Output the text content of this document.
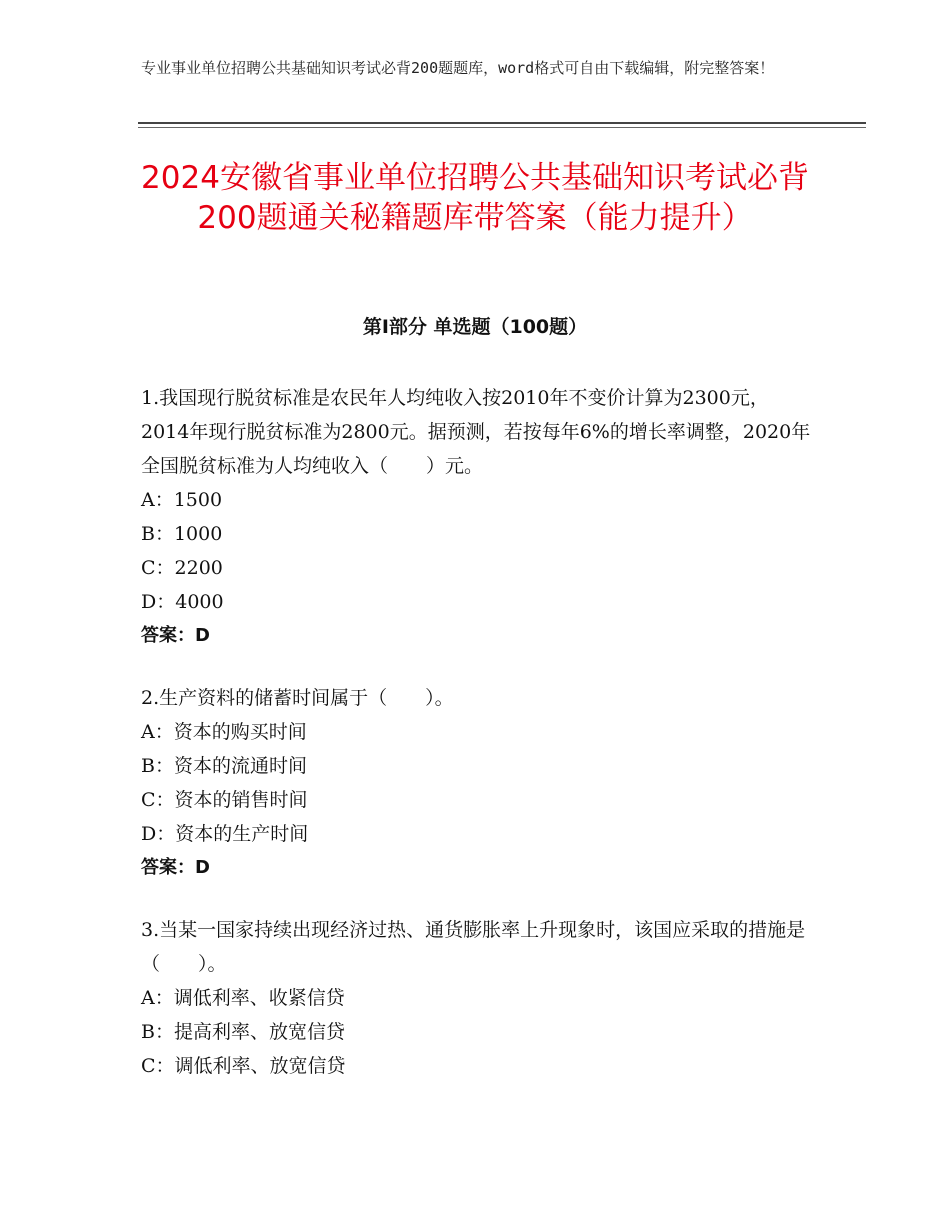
专业事业单位招聘公共基础知识考试必背200题题库，word格式可自由下载编辑，附完整答案！
2024安徽省事业单位招聘公共基础知识考试必背200题通关秘籍题库带答案（能力提升）
第I部分 单选题（100题）

1.我国现行脱贫标准是农民年人均纯收入按2010年不变价计算为2300元，2014年现行脱贫标准为2800元。据预测，若按每年6%的增长率调整，2020年全国脱贫标准为人均纯收入（　　）元。

A：1500

B：1000

C：2200

D：4000

答案：D

2.生产资料的储蓄时间属于（　　）。

A：资本的购买时间

B：资本的流通时间

C：资本的销售时间

D：资本的生产时间

答案：D

3.当某一国家持续出现经济过热、通货膨胀率上升现象时，该国应采取的措施是（　　）。

A：调低利率、收紧信贷

B：提高利率、放宽信贷

C：调低利率、放宽信贷
